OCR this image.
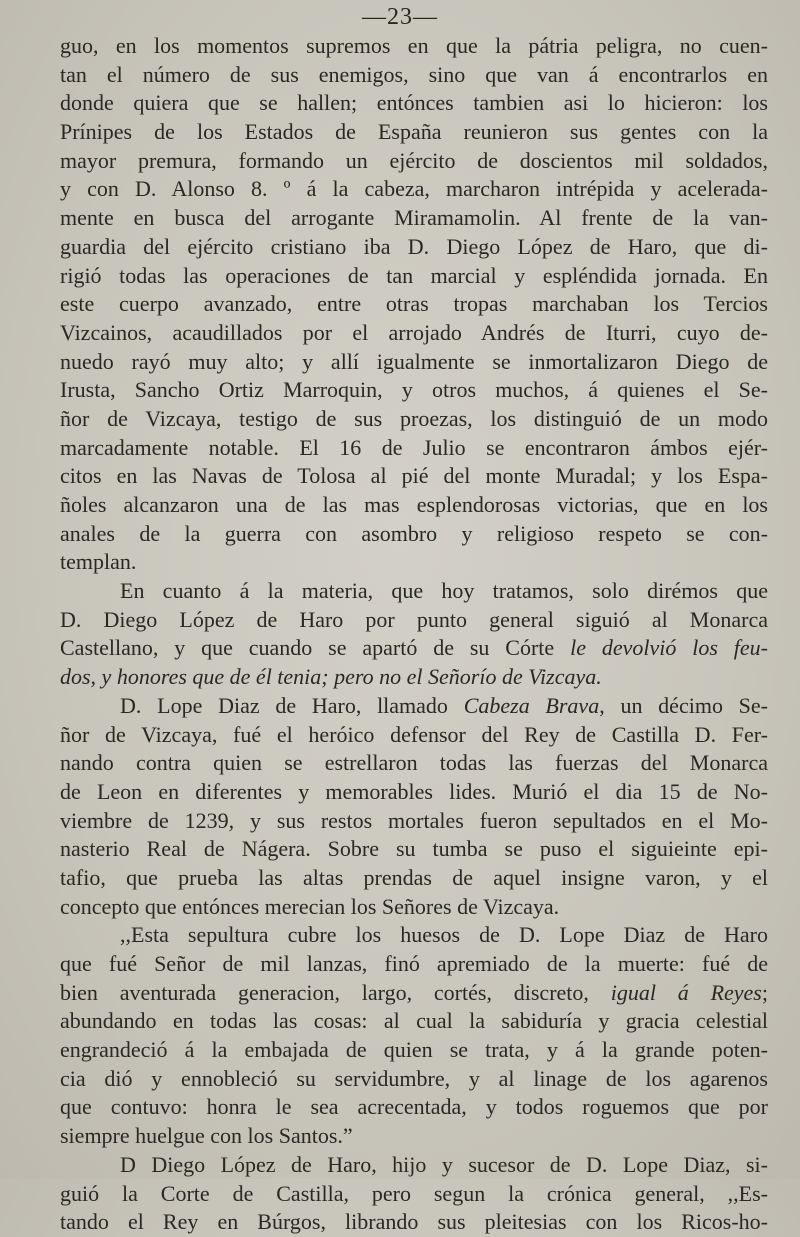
—23—
guo, en los momentos supremos en que la pátria peligra, no cuen-
tan el número de sus enemigos, sino que van á encontrarlos en
donde quiera que se hallen; entónces tambien asi lo hicieron: los
Prínipes de los Estados de España reunieron sus gentes con la
mayor premura, formando un ejército de doscientos mil soldados,
y con D. Alonso 8. º á la cabeza, marcharon intrépida y acelerada-
mente en busca del arrogante Miramamolin. Al frente de la van-
guardia del ejército cristiano iba D. Diego López de Haro, que di-
rigió todas las operaciones de tan marcial y espléndida jornada. En
este cuerpo avanzado, entre otras tropas marchaban los Tercios
Vizcainos, acaudillados por el arrojado Andrés de Iturri, cuyo de-
nuedo rayó muy alto; y allí igualmente se inmortalizaron Diego de
Irusta, Sancho Ortiz Marroquin, y otros muchos, á quienes el Se-
ñor de Vizcaya, testigo de sus proezas, los distinguió de un modo
marcadamente notable. El 16 de Julio se encontraron ámbos ejér-
citos en las Navas de Tolosa al pié del monte Muradal; y los Espa-
ñoles alcanzaron una de las mas esplendorosas victorias, que en los
anales de la guerra con asombro y religioso respeto se con-
templan.
En cuanto á la materia, que hoy tratamos, solo dirémos que
D. Diego López de Haro por punto general siguió al Monarca
Castellano, y que cuando se apartó de su Córte le devolvió los feu-
dos, y honores que de él tenia; pero no el Señorío de Vizcaya.
D. Lope Diaz de Haro, llamado Cabeza Brava, un décimo Se-
ñor de Vizcaya, fué el heróico defensor del Rey de Castilla D. Fer-
nando contra quien se estrellaron todas las fuerzas del Monarca
de Leon en diferentes y memorables lides. Murió el dia 15 de No-
viembre de 1239, y sus restos mortales fueron sepultados en el Mo-
nasterio Real de Nágera. Sobre su tumba se puso el siguieinte epi-
tafio, que prueba las altas prendas de aquel insigne varon, y el
concepto que entónces merecian los Señores de Vizcaya.
,,Esta sepultura cubre los huesos de D. Lope Diaz de Haro
que fué Señor de mil lanzas, finó apremiado de la muerte: fué de
bien aventurada generacion, largo, cortés, discreto, igual á Reyes;
abundando en todas las cosas: al cual la sabiduría y gracia celestial
engrandeció á la embajada de quien se trata, y á la grande poten-
cia dió y ennobleció su servidumbre, y al linage de los agarenos
que contuvo: honra le sea acrecentada, y todos roguemos que por
siempre huelgue con los Santos.”
D Diego López de Haro, hijo y sucesor de D. Lope Diaz, si-
guió la Corte de Castilla, pero segun la crónica general, ,,Es-
tando el Rey en Búrgos, librando sus pleitesias con los Ricos-ho-
